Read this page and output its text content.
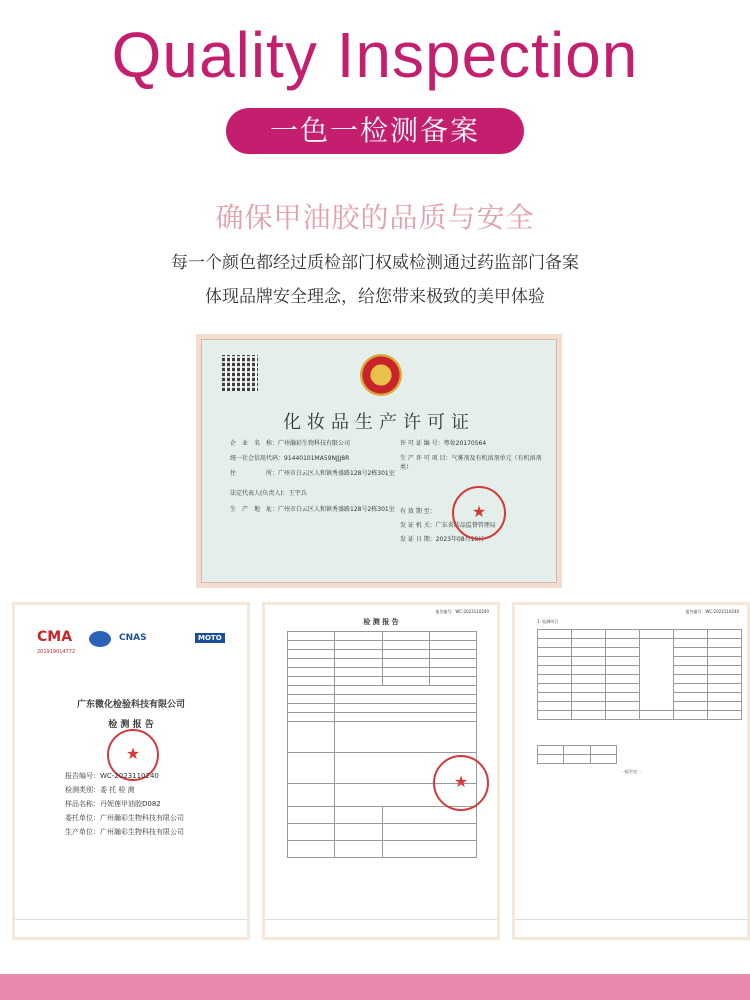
Quality Inspection
一色一检测备案
确保甲油胶的品质与安全
每一个颜色都经过质检部门权威检测通过药监部门备案
体现品牌安全理念，给您带来极致的美甲体验
化妆品生产许可证
企　业　名　称：广州瀚彩生物科技有限公司
统一社会信用代码：91440101MA59NJJJ8R
住　　　　　所：广州市白云区人和镇秀盛路128号2栋301室
法定代表人(负责人)：王宇兵
生　产　地　址：广州市白云区人和镇秀盛路128号2栋301室
许 可 证 编 号：粤妆20170564
生 产 许 可 项 目：气雾剂及有机溶剂单元（有机溶剂类）
有 效 期 至：
发 证 机 关：广东省药品监督管理局
发 证 日 期：2023年08月10日
★
CMA
201919014772
CNAS	MOTO
广东微化检验科技有限公司
检 测 报 告
★
报告编号：WC-2023110240
检测类别：委 托 检 测
样品名称：丹妮莲甲油胶D082
委托单位：广州瀚彩生物科技有限公司
生产单位：广州瀚彩生物科技有限公司
报告编号：WC-2023110240
检 测 报 告

★
报告编号：WC-2023110240
1. 检测项目

一报告完一
